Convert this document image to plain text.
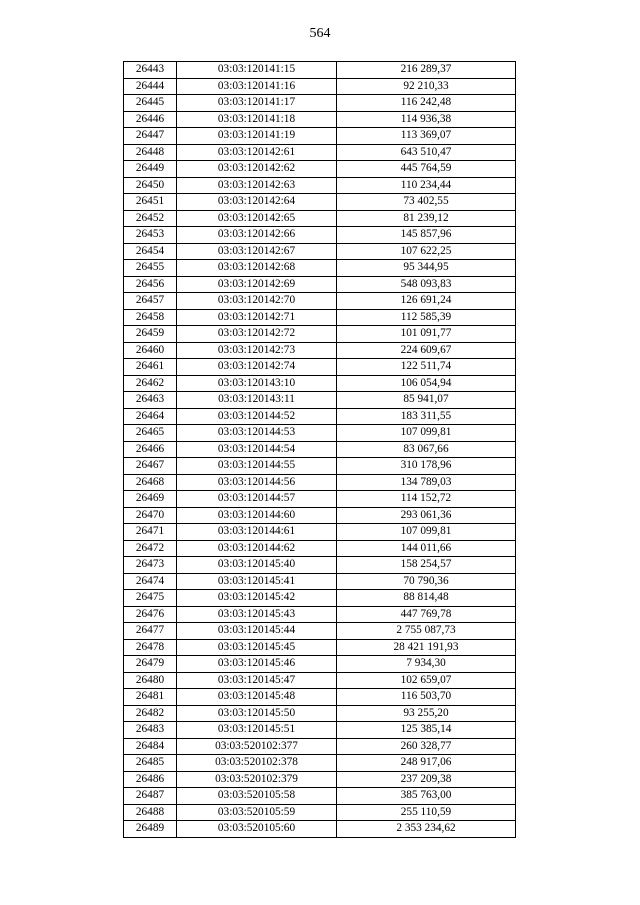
564
26443	03:03:120141:15	216 289,37
26444	03:03:120141:16	92 210,33
26445	03:03:120141:17	116 242,48
26446	03:03:120141:18	114 936,38
26447	03:03:120141:19	113 369,07
26448	03:03:120142:61	643 510,47
26449	03:03:120142:62	445 764,59
26450	03:03:120142:63	110 234,44
26451	03:03:120142:64	73 402,55
26452	03:03:120142:65	81 239,12
26453	03:03:120142:66	145 857,96
26454	03:03:120142:67	107 622,25
26455	03:03:120142:68	95 344,95
26456	03:03:120142:69	548 093,83
26457	03:03:120142:70	126 691,24
26458	03:03:120142:71	112 585,39
26459	03:03:120142:72	101 091,77
26460	03:03:120142:73	224 609,67
26461	03:03:120142:74	122 511,74
26462	03:03:120143:10	106 054,94
26463	03:03:120143:11	85 941,07
26464	03:03:120144:52	183 311,55
26465	03:03:120144:53	107 099,81
26466	03:03:120144:54	83 067,66
26467	03:03:120144:55	310 178,96
26468	03:03:120144:56	134 789,03
26469	03:03:120144:57	114 152,72
26470	03:03:120144:60	293 061,36
26471	03:03:120144:61	107 099,81
26472	03:03:120144:62	144 011,66
26473	03:03:120145:40	158 254,57
26474	03:03:120145:41	70 790,36
26475	03:03:120145:42	88 814,48
26476	03:03:120145:43	447 769,78
26477	03:03:120145:44	2 755 087,73
26478	03:03:120145:45	28 421 191,93
26479	03:03:120145:46	7 934,30
26480	03:03:120145:47	102 659,07
26481	03:03:120145:48	116 503,70
26482	03:03:120145:50	93 255,20
26483	03:03:120145:51	125 385,14
26484	03:03:520102:377	260 328,77
26485	03:03:520102:378	248 917,06
26486	03:03:520102:379	237 209,38
26487	03:03:520105:58	385 763,00
26488	03:03:520105:59	255 110,59
26489	03:03:520105:60	2 353 234,62
